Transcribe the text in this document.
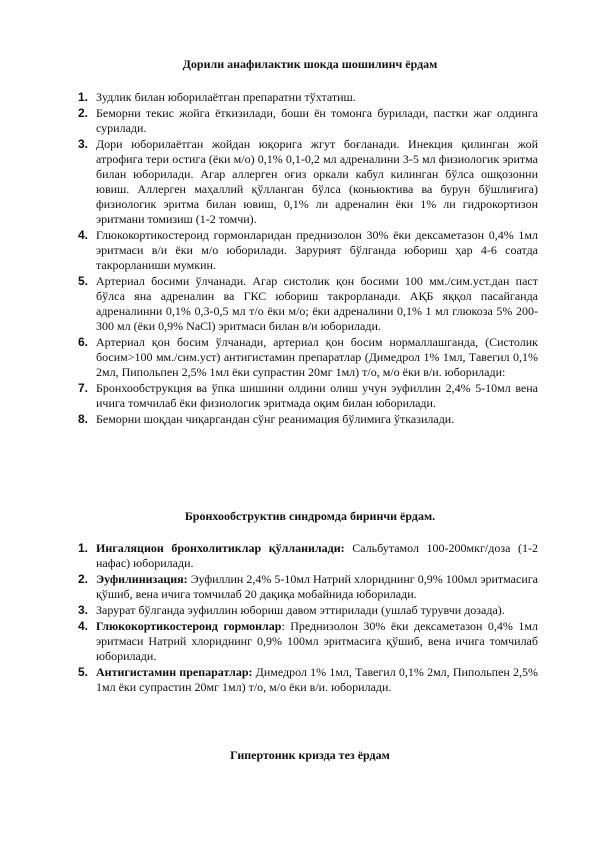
Дорили анафилактик шокда шошилинч ёрдам
1. Зудлик билан юборилаётган препаратни тўхтатиш.
2. Беморни текис жойга ёткизилади, боши ён томонга бурилади, пастки жағ олдинга сурилади.
3. Дори юборилаётган жойдан юқорига жгут боғланади. Инекция қилинган жой атрофига тери остига (ёки м/о) 0,1% 0,1-0,2 мл адреналини 3-5 мл физиологик эритма билан юборилади. Агар аллерген оғиз оркали кабул килинган бўлса ошқозонни ювиш. Аллерген маҳаллий қўлланган бўлса (коньюктива ва бурун бўшлиғига) физиологик эритма билан ювиш, 0,1% ли адреналин ёки 1% ли гидрокортизон эритмани томизиш (1-2 томчи).
4. Глюкокортикостероид гормонларидан преднизолон 30% ёки дексаметазон 0,4% 1мл эритмаси в/и ёки м/о юборилади. Зарурият бўлганда юбориш ҳар 4-6 соатда такрорланиши мумкин.
5. Артериал босими ўлчанади. Агар систолик қон босими 100 мм./сим.уст.дан паст бўлса яна адреналин ва ГКС юбориш такрорланади. АҚБ яққол пасайганда адреналинни 0,1% 0,3-0,5 мл т/о ёки м/о; ёки адреналини 0,1% 1 мл глюкоза 5% 200-300 мл (ёки 0,9% NaCl) эритмаси билан в/и юборилади.
6. Артериал қон босим ўлчанади, артериал қон босим нормаллашганда, (Систолик босим>100 мм./сим.уст) антигистамин препаратлар (Димедрол 1% 1мл, Тавегил 0,1% 2мл, Пипольпен 2,5% 1мл ёки супрастин 20мг 1мл) т/о, м/о ёки в/и. юборилади:
7. Бронхообструкция ва ўпка шишини олдини олиш учун эуфиллин 2,4% 5-10мл вена ичига томчилаб ёки физиологик эритмада оқим билан юборилади.
8. Беморни шоқдан чиқаргандан сўнг реанимация бўлимига ўтказилади.
Бронхообструктив синдромда биринчи ёрдам.
1. Ингаляцион бронхолитиклар қўлланилади: Сальбутамол 100-200мкг/доза (1-2 нафас) юборилади.
2. Эуфилинизация: Эуфиллин 2,4% 5-10мл Натрий хлориднинг 0,9% 100мл эритмасига қўшиб, вена ичига томчилаб 20 дақиқа мобайнида юборилади.
3. Зарурат бўлганда эуфиллин юбориш давом эттирилади (ушлаб турувчи дозада).
4. Глюкокортикостероид гормонлар: Преднизолон 30% ёки дексаметазон 0,4% 1мл эритмаси Натрий хлориднинг 0,9% 100мл эритмасига қўшиб, вена ичига томчилаб юборилади.
5. Антигистамин препаратлар: Димедрол 1% 1мл, Тавегил 0,1% 2мл, Пипольпен 2,5% 1мл ёки супрастин 20мг 1мл) т/о, м/о ёки в/и. юборилади.
Гипертоник кризда тез ёрдам
